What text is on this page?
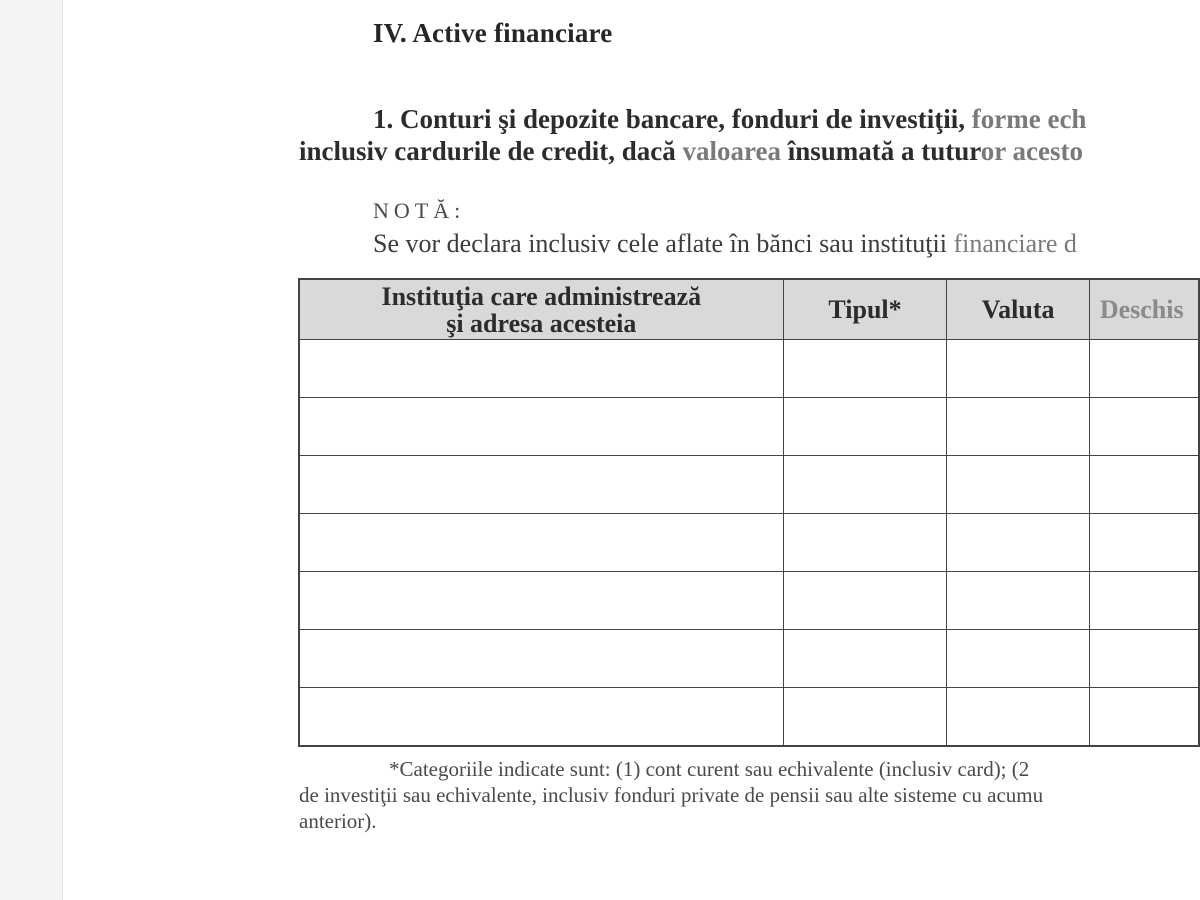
IV. Active financiare
1. Conturi şi depozite bancare, fonduri de investiţii, forme ech
inclusiv cardurile de credit, dacă valoarea însumată a tuturor acesto
NOTĂ:
Se vor declara inclusiv cele aflate în bănci sau instituţii financiare d
Instituţia care administrează
şi adresa acesteia	Tipul*	Valuta	Deschis

*Categoriile indicate sunt: (1) cont curent sau echivalente (inclusiv card); (2
de investiţii sau echivalente, inclusiv fonduri private de pensii sau alte sisteme cu acumu
anterior).
